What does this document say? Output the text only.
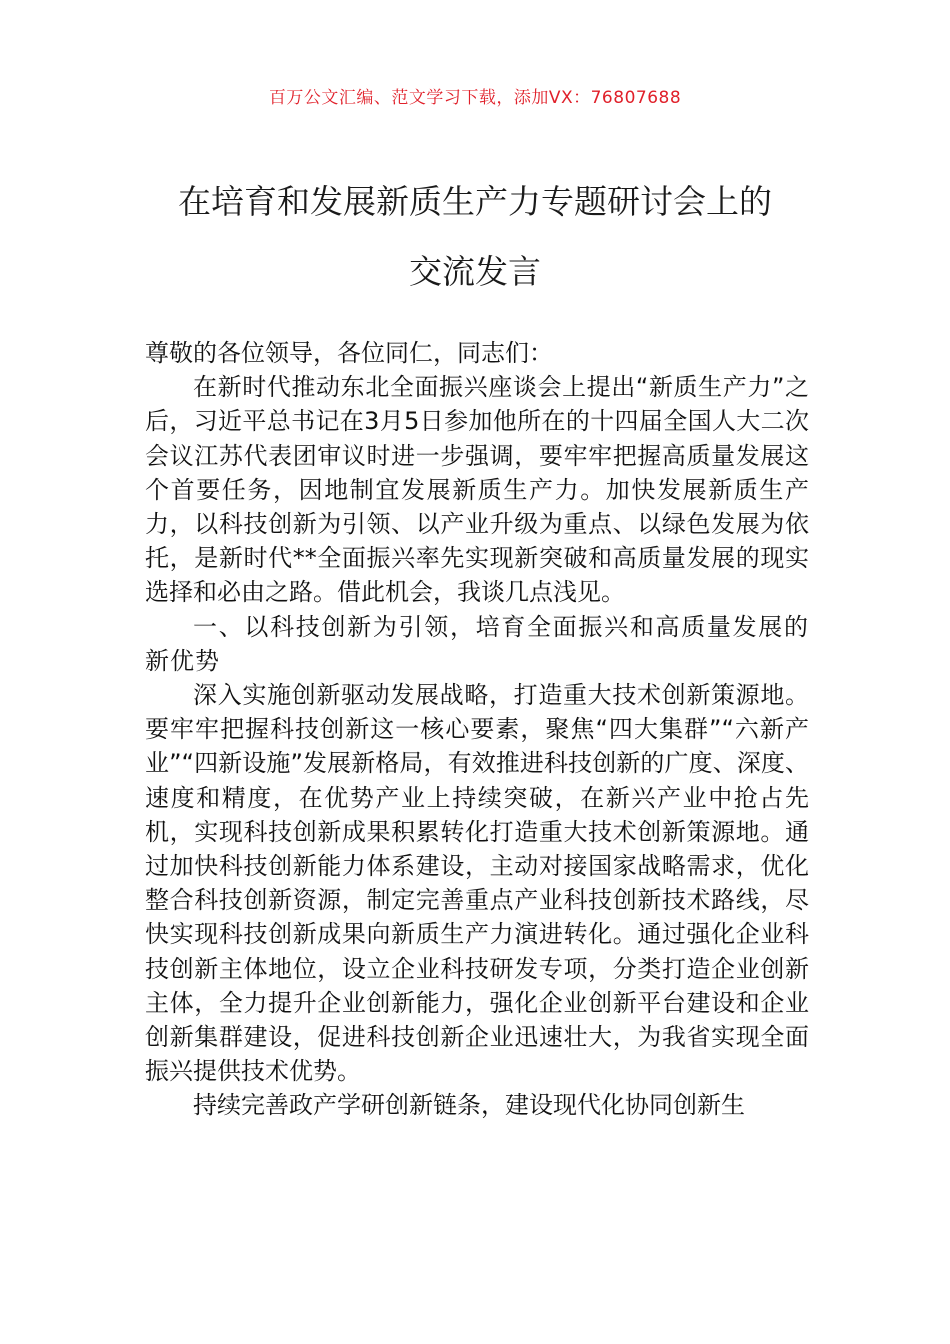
百万公文汇编、范文学习下载，添加VX：76807688
在培育和发展新质生产力专题研讨会上的
交流发言

尊敬的各位领导，各位同仁，同志们：

在新时代推动东北全面振兴座谈会上提出“新质生产力”之后，习近平总书记在3月5日参加他所在的十四届全国人大二次会议江苏代表团审议时进一步强调，要牢牢把握高质量发展这个首要任务，因地制宜发展新质生产力。加快发展新质生产力，以科技创新为引领、以产业升级为重点、以绿色发展为依托，是新时代**全面振兴率先实现新突破和高质量发展的现实选择和必由之路。借此机会，我谈几点浅见。

一、以科技创新为引领，培育全面振兴和高质量发展的新优势

深入实施创新驱动发展战略，打造重大技术创新策源地。要牢牢把握科技创新这一核心要素，聚焦“四大集群”“六新产业”“四新设施”发展新格局，有效推进科技创新的广度、深度、速度和精度，在优势产业上持续突破，在新兴产业中抢占先机，实现科技创新成果积累转化打造重大技术创新策源地。通过加快科技创新能力体系建设，主动对接国家战略需求，优化整合科技创新资源，制定完善重点产业科技创新技术路线，尽快实现科技创新成果向新质生产力演进转化。通过强化企业科技创新主体地位，设立企业科技研发专项，分类打造企业创新主体，全力提升企业创新能力，强化企业创新平台建设和企业创新集群建设，促进科技创新企业迅速壮大，为我省实现全面振兴提供技术优势。

持续完善政产学研创新链条，建设现代化协同创新生
